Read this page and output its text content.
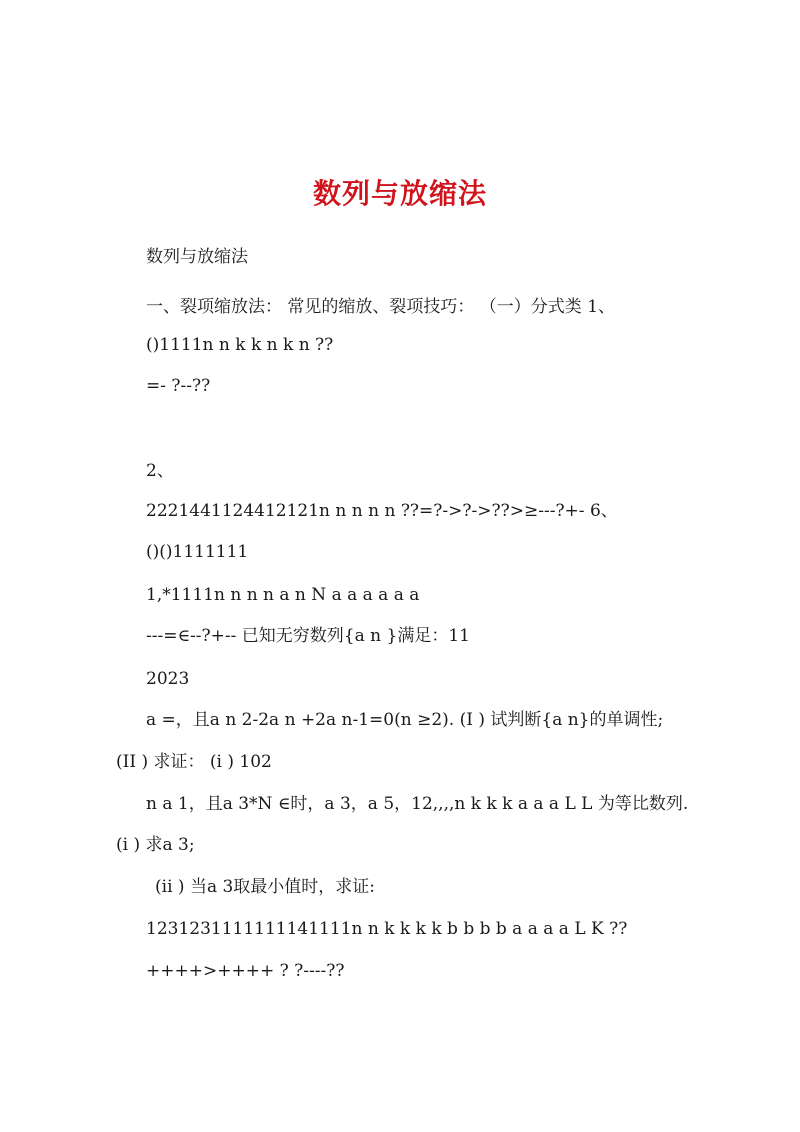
数列与放缩法
数列与放缩法
一、裂项缩放法： 常见的缩放、裂项技巧： （一）分式类 1、
()1111n n k k n k n ??
=- ?--??
2、
2221441124412121n n n n n ??=?->?->??>≥---?+- 6、
()()1111111
1,*1111n n n n a n N a a a a a a
---=∈--?+-- 已知无穷数列{a n }满足：11
2023
a =，且a n 2-2a n +2a n-1=0(n ≥2). (I ) 试判断{a n}的单调性;
(II ) 求证： (i ) 102
n a 1，且a 3*N ∈时，a 3，a 5，12,,,,n k k k a a a L L 为等比数列.
(i ) 求a 3;
(ii ) 当a 3取最小值时，求证:
1231231111111141111n n k k k k b b b b a a a a L K ??
++++>++++ ? ?----??
